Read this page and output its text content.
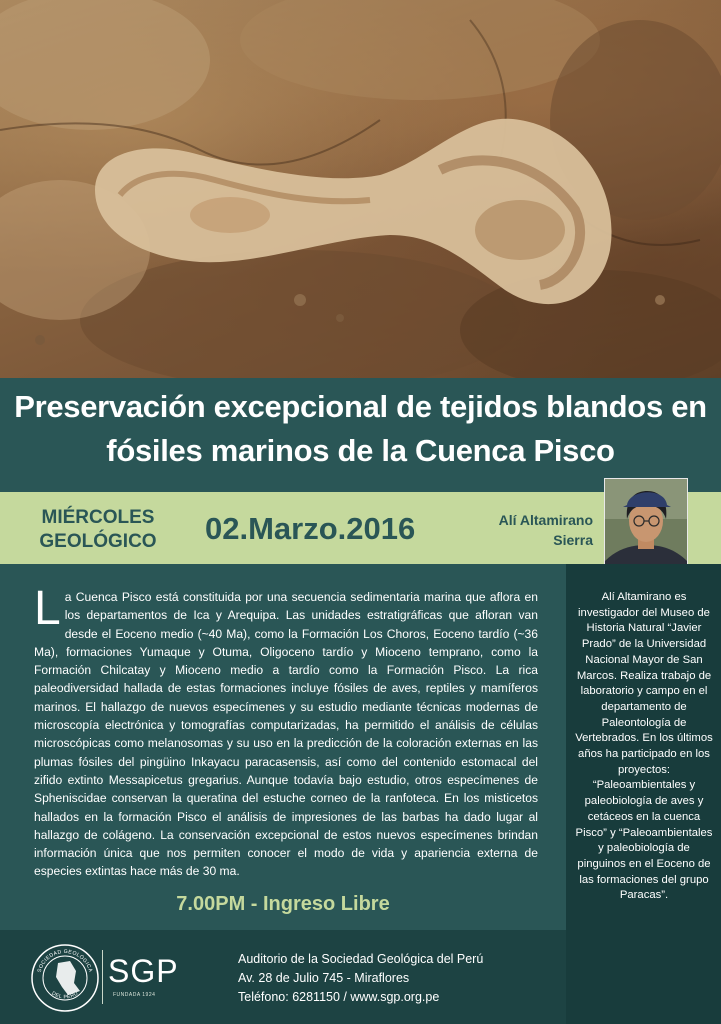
Preservación excepcional de tejidos blandos en
fósiles marinos de la Cuenca Pisco
MIÉRCOLES
GEOLÓGICO	02.Marzo.2016	Alí Altamirano
Sierra

La Cuenca Pisco está constituida por una secuencia sedimentaria marina que aflora en los departamentos de Ica y Arequipa. Las unidades estratigráficas que afloran van desde el Eoceno medio (~40 Ma), como la Formación Los Choros, Eoceno tardío (~36 Ma), formaciones Yumaque y Otuma, Oligoceno tardío y Mioceno temprano, como la Formación Chilcatay y Mioceno medio a tardío como la Formación Pisco. La rica paleodiversidad hallada de estas formaciones incluye fósiles de aves, reptiles y mamíferos marinos. El hallazgo de nuevos especímenes y su estudio mediante técnicas modernas de microscopía electrónica y tomografías computarizadas, ha permitido el análisis de células microscópicas como melanosomas y su uso en la predicción de la coloración externas en las plumas fósiles del pingüino Inkayacu paracasensis, así como del contenido estomacal del zifido extinto Messapicetus gregarius. Aunque todavía bajo estudio, otros especímenes de Spheniscidae conservan la queratina del estuche corneo de la ranfoteca. En los misticetos hallados en la formación Pisco el análisis de impresiones de las barbas ha dado lugar al hallazgo de colágeno. La conservación excepcional de estos nuevos especímenes brindan información única que nos permiten conocer el modo de vida y apariencia externa de especies extintas hace más de 30 ma.

7.00PM - Ingreso Libre

Alí Altamirano es investigador del Museo de Historia Natural “Javier Prado” de la Universidad Nacional Mayor de San Marcos. Realiza trabajo de laboratorio y campo en el departamento de Paleontología de Vertebrados. En los últimos años ha participado en los proyectos: “Paleoambientales y paleobiología de aves y cetáceos en la cuenca Pisco” y “Paleoambientales y paleobiología de pinguinos en el Eoceno de las formaciones del grupo Paracas”.

SOCIEDAD GEOLÓGICA
DEL PERÚ
SGP
FUNDADA 1924
Auditorio de la Sociedad Geológica del Perú
Av. 28 de Julio 745 - Miraflores
Teléfono: 6281150 / www.sgp.org.pe
